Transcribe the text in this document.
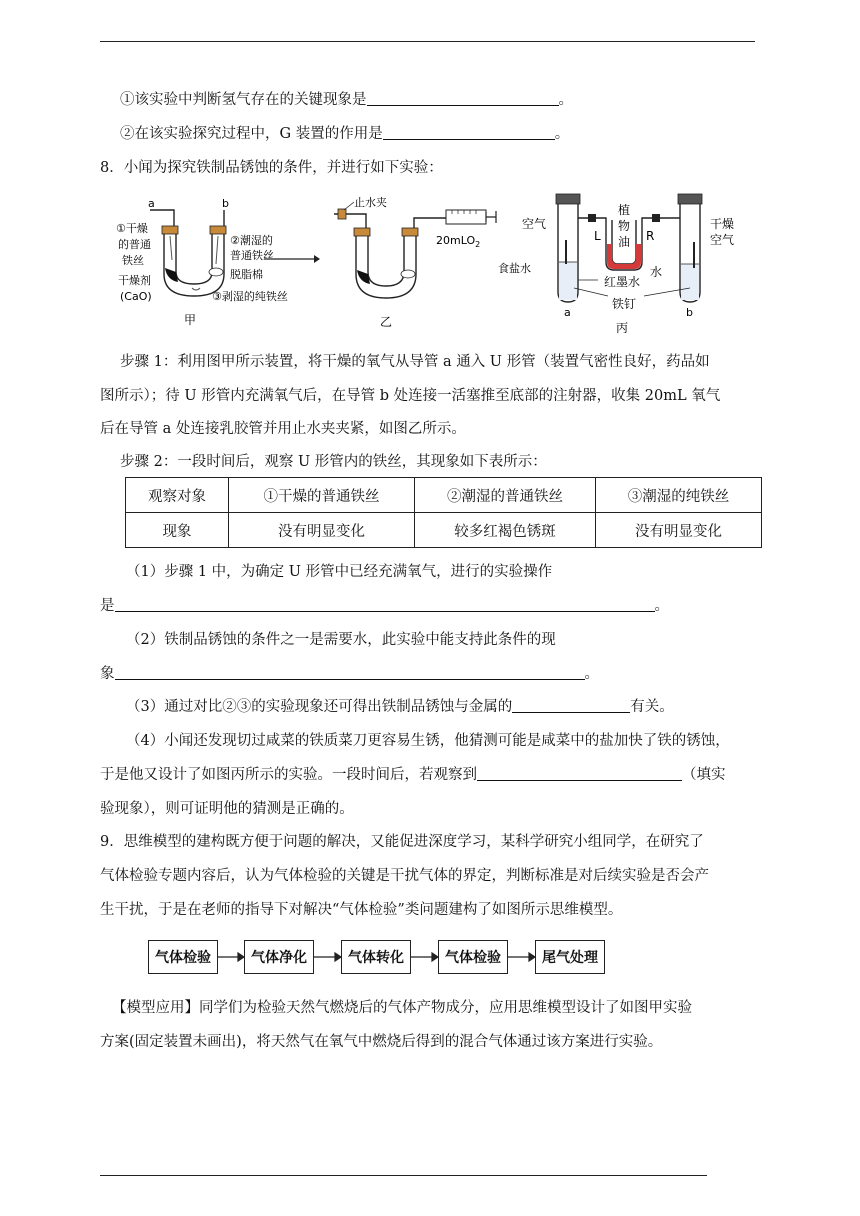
①该实验中判断氢气存在的关键现象是	。
②在该实验探究过程中，G 装置的作用是	。
8．小闻为探究铁制品锈蚀的条件，并进行如下实验：
a	b
①干燥
的普通
铁丝
干燥剂
(CaO)
②潮湿的
普通铁丝
脱脂棉
③剥湿的纯铁丝
甲
止水夹
20mLO$_2$
乙
空气
植
物
油
L	R
干燥
空气
食盐水	水
红墨水
铁钉
a	b
丙
步骤 1：利用图甲所示装置，将干燥的氧气从导管 a 通入 U 形管（装置气密性良好，药品如
图所示）；待 U 形管内充满氧气后，在导管 b 处连接一活塞推至底部的注射器，收集 20mL 氧气
后在导管 a 处连接乳胶管并用止水夹夹紧，如图乙所示。
步骤 2：一段时间后，观察 U 形管内的铁丝，其现象如下表所示：
观察对象	①干燥的普通铁丝	②潮湿的普通铁丝	③潮湿的纯铁丝
现象	没有明显变化	较多红褐色锈斑	没有明显变化
（1）步骤 1 中，为确定 U 形管中已经充满氧气，进行的实验操作
是	。
（2）铁制品锈蚀的条件之一是需要水，此实验中能支持此条件的现
象	。
（3）通过对比②③的实验现象还可得出铁制品锈蚀与金属的	有关。
（4）小闻还发现切过咸菜的铁质菜刀更容易生锈，他猜测可能是咸菜中的盐加快了铁的锈蚀，
于是他又设计了如图丙所示的实验。一段时间后，若观察到	（填实
验现象），则可证明他的猜测是正确的。
9．思维模型的建构既方便于问题的解决，又能促进深度学习，某科学研究小组同学，在研究了
气体检验专题内容后，认为气体检验的关键是干扰气体的界定，判断标准是对后续实验是否会产
生干扰，于是在老师的指导下对解决“气体检验”类问题建构了如图所示思维模型。
气体检验	气体净化	气体转化	气体检验	尾气处理
【模型应用】同学们为检验天然气燃烧后的气体产物成分，应用思维模型设计了如图甲实验
方案(固定装置未画出)，将天然气在氧气中燃烧后得到的混合气体通过该方案进行实验。
